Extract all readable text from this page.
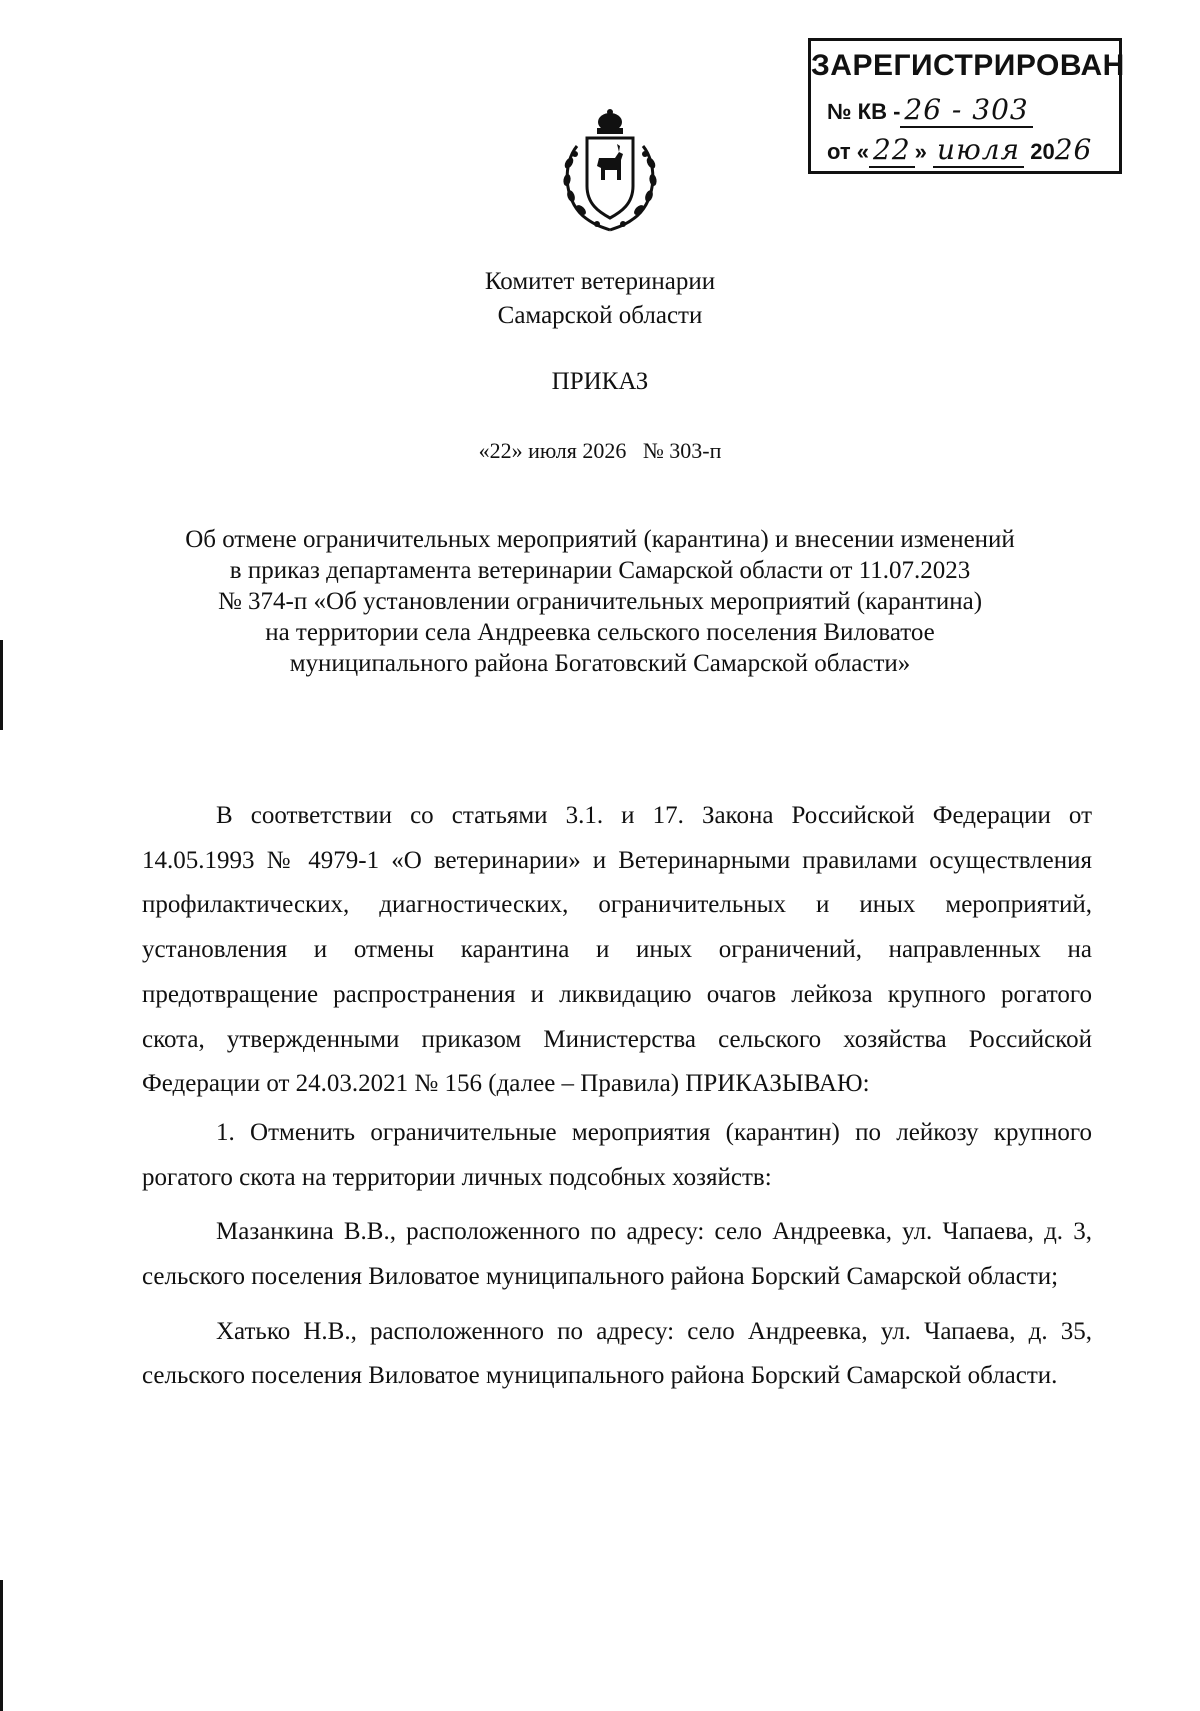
ЗАРЕГИСТРИРОВАН
№ КВ - 26 - 303
от « 22 » июля 2026
Комитет ветеринарии
Самарской области
ПРИКАЗ
«22» июля 2026   № 303-п
Об отмене ограничительных мероприятий (карантина) и внесении изменений
в приказ департамента ветеринарии Самарской области от 11.07.2023
№ 374-п «Об установлении ограничительных мероприятий (карантина)
на территории села Андреевка сельского поселения Виловатое
муниципального района Богатовский Самарской области»

В соответствии со статьями 3.1. и 17. Закона Российской Федерации от 14.05.1993 № 4979-1 «О ветеринарии» и Ветеринарными правилами осуществления профилактических, диагностических, ограничительных и иных мероприятий, установления и отмены карантина и иных ограничений, направленных на предотвращение распространения и ликвидацию очагов лейкоза крупного рогатого скота, утвержденными приказом Министерства сельского хозяйства Российской Федерации от 24.03.2021 № 156 (далее – Правила) ПРИКАЗЫВАЮ:

1. Отменить ограничительные мероприятия (карантин) по лейкозу крупного рогатого скота на территории личных подсобных хозяйств:

Мазанкина В.В., расположенного по адресу: село Андреевка, ул. Чапаева, д. 3, сельского поселения Виловатое муниципального района Борский Самарской области;

Хатько Н.В., расположенного по адресу: село Андреевка, ул. Чапаева, д. 35, сельского поселения Виловатое муниципального района Борский Самарской области.
